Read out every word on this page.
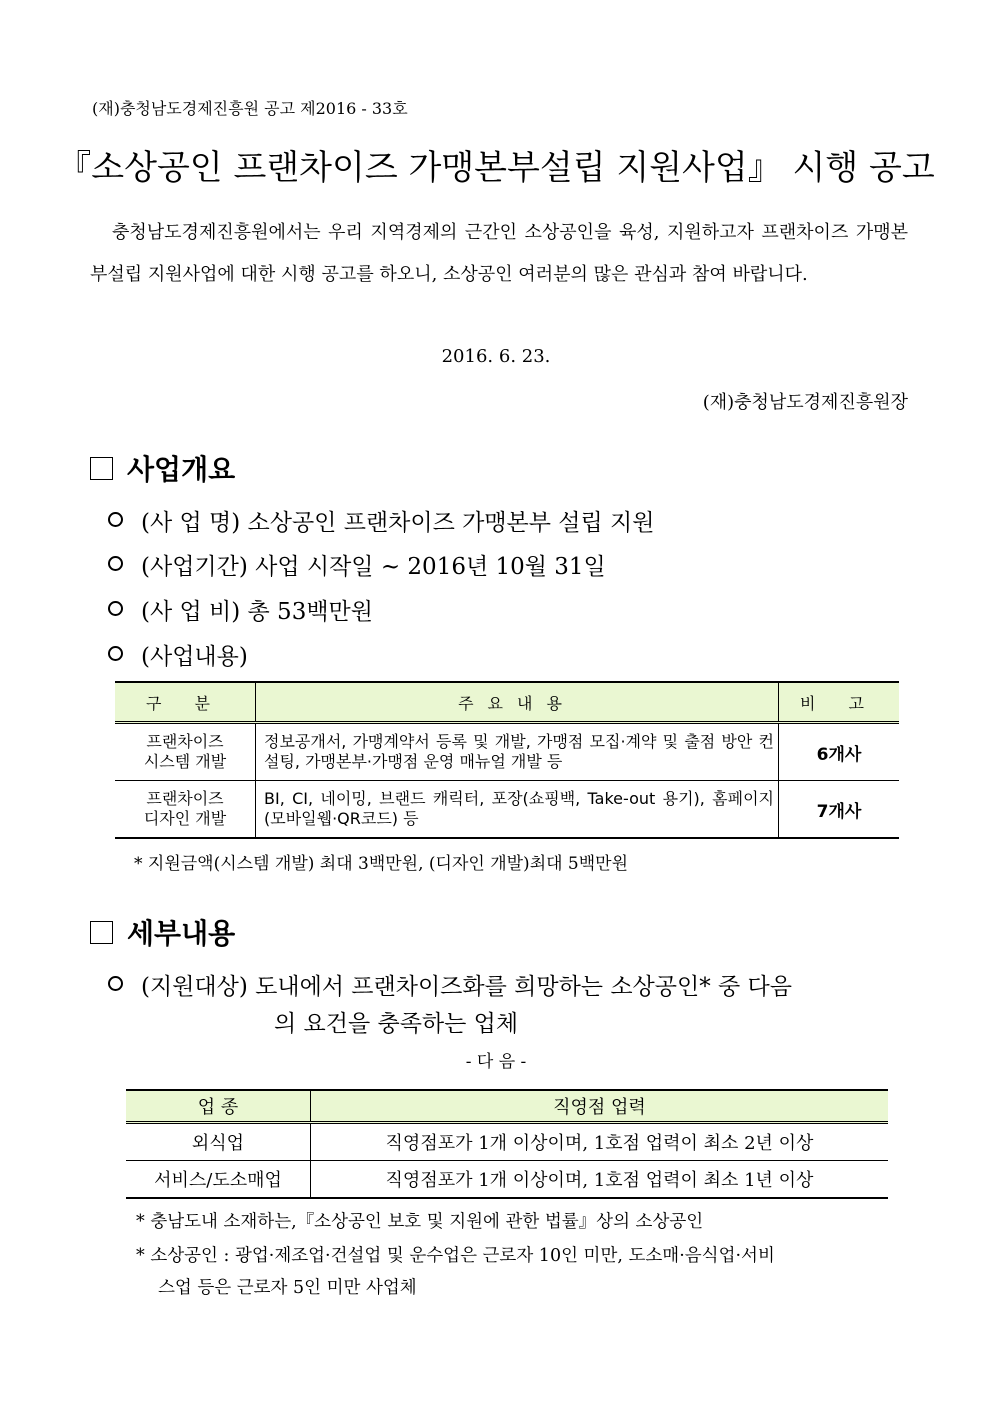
(재)충청남도경제진흥원 공고 제2016 - 33호
『소상공인 프랜차이즈 가맹본부설립 지원사업』 시행 공고
충청남도경제진흥원에서는 우리 지역경제의 근간인 소상공인을 육성, 지원하고자 프랜차이즈 가맹본부설립 지원사업에 대한 시행 공고를 하오니, 소상공인 여러분의 많은 관심과 참여 바랍니다.
2016. 6. 23.
(재)충청남도경제진흥원장
사업개요
(사 업 명) 소상공인 프랜차이즈 가맹본부 설립 지원
(사업기간) 사업 시작일 ~ 2016년 10월 31일
(사 업 비) 총 53백만원
(사업내용)
구 분	주요내용	비 고

프랜차이즈
시스템 개발	정보공개서, 가맹계약서 등록 및 개발, 가맹점 모집·계약 및 출점 방안 컨설팅, 가맹본부·가맹점 운영 매뉴얼 개발 등	6개사

프랜차이즈
디자인 개발	BI, CI, 네이밍, 브랜드 캐릭터, 포장(쇼핑백, Take-out 용기), 홈페이지(모바일웹·QR코드) 등	7개사
* 지원금액(시스템 개발) 최대 3백만원, (디자인 개발)최대 5백만원
세부내용
(지원대상) 도내에서 프랜차이즈화를 희망하는 소상공인* 중 다음
의 요건을 충족하는 업체
- 다 음 -
업 종	직영점 업력
외식업	직영점포가 1개 이상이며, 1호점 업력이 최소 2년 이상
서비스/도소매업	직영점포가 1개 이상이며, 1호점 업력이 최소 1년 이상
* 충남도내 소재하는,『소상공인 보호 및 지원에 관한 법률』상의 소상공인
* 소상공인 : 광업·제조업·건설업 및 운수업은 근로자 10인 미만, 도소매·음식업·서비
스업 등은 근로자 5인 미만 사업체
